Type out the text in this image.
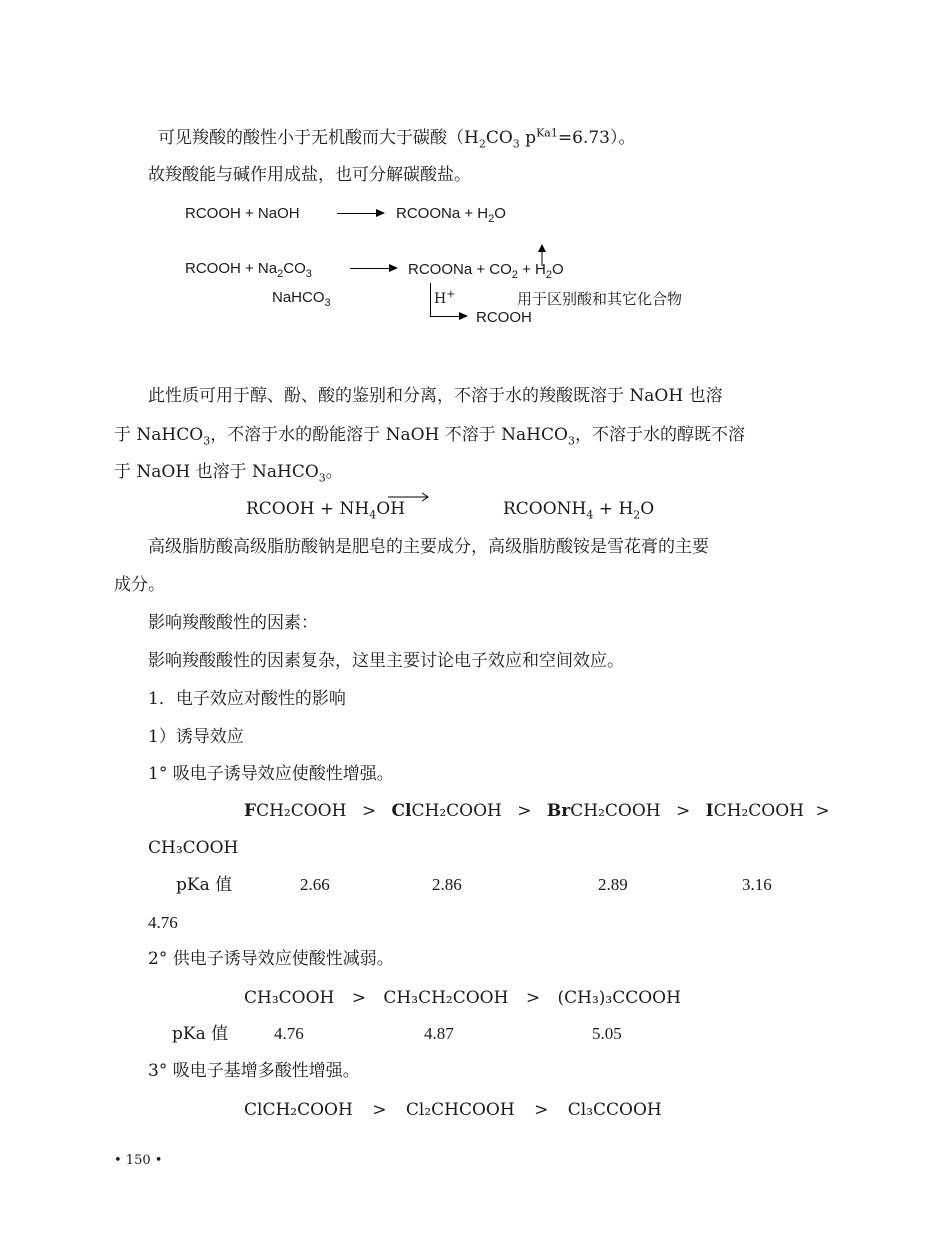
可见羧酸的酸性小于无机酸而大于碳酸（$H_2CO_3$ $p^{Ka1}=6.73$）。
故羧酸能与碱作用成盐，也可分解碳酸盐。
RCOOH + NaOH → RCOONa + $H_2O$
RCOOH + $Na_2CO_3$ → RCOONa + $CO_2 + H_2O$
NaHCO$_3$	H+	用于区别酸和其它化合物
RCOOH
此性质可用于醇、酚、酸的鉴别和分离，不溶于水的羧酸既溶于 NaOH 也溶
于 NaHCO$_3$，不溶于水的酚能溶于 NaOH 不溶于 NaHCO$_3$，不溶于水的醇既不溶
于 NaOH 也溶于 NaHCO$_3$。
RCOOH + $NH_4OH$	$RCOONH_4 + H_2O$
高级脂肪酸高级脂肪酸钠是肥皂的主要成分，高级脂肪酸铵是雪花膏的主要
成分。
影响羧酸酸性的因素：
影响羧酸酸性的因素复杂，这里主要讨论电子效应和空间效应。
1．电子效应对酸性的影响
1）诱导效应
1° 吸电子诱导效应使酸性增强。
FCH₂COOH > ClCH₂COOH > BrCH₂COOH > ICH₂COOH >
CH₃COOH
pKa 值	2.66	2.86	2.89	3.16
4.76
2° 供电子诱导效应使酸性减弱。
CH₃COOH > CH₃CH₂COOH > (CH₃)₃CCOOH
pKa 值	4.76	4.87	5.05
3° 吸电子基增多酸性增强。
ClCH₂COOH > Cl₂CHCOOH > Cl₃CCOOH
• 150 •
